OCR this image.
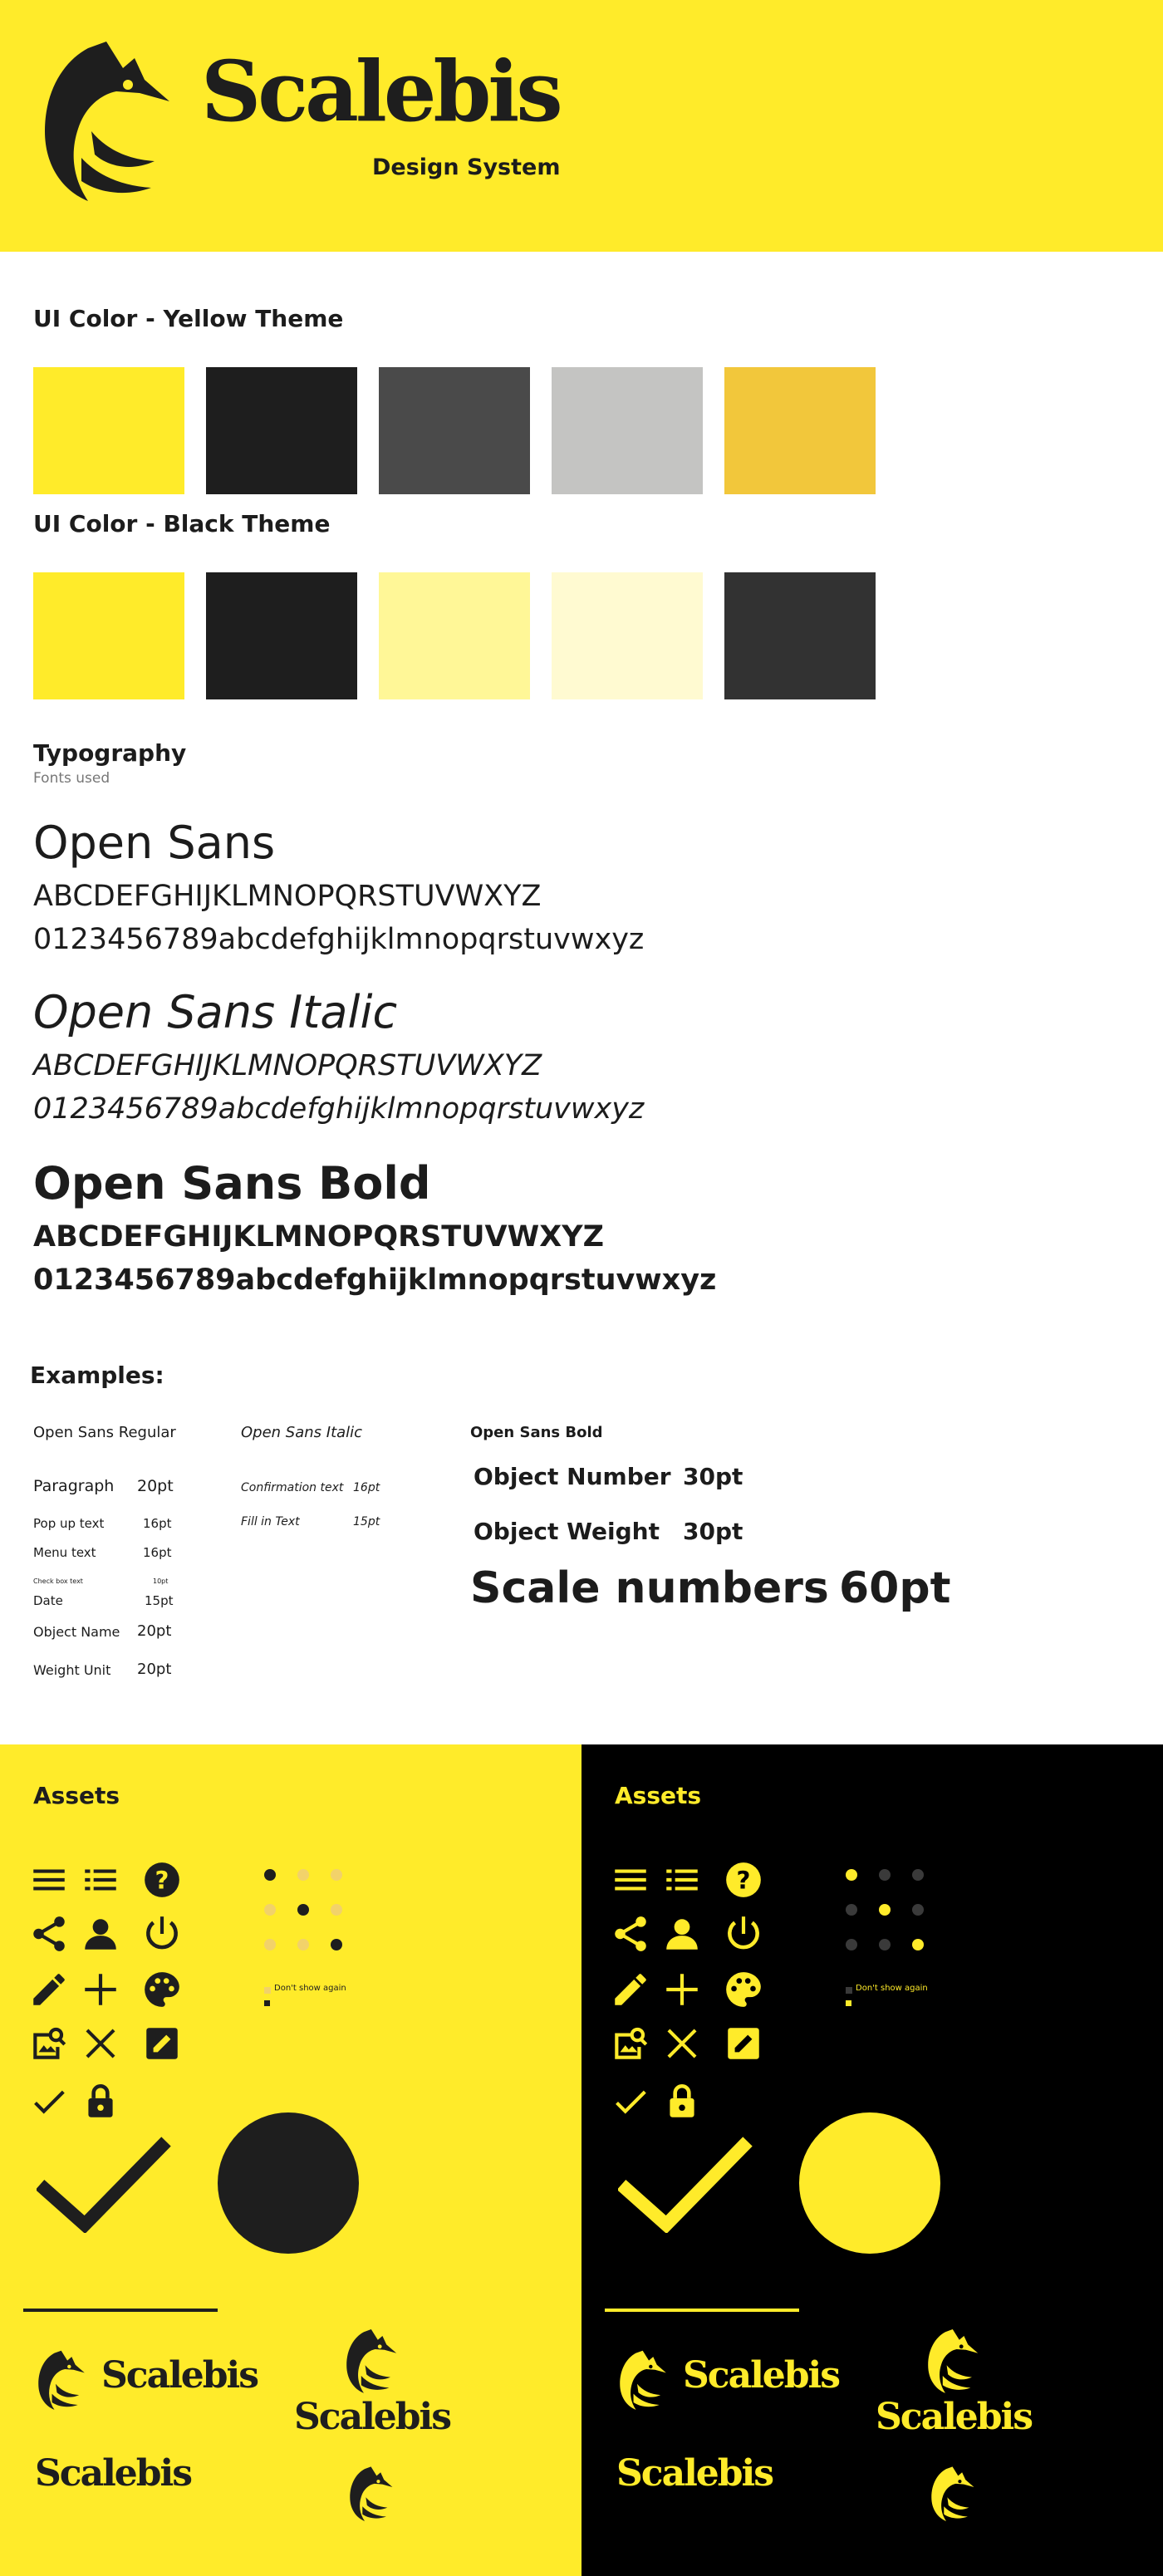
Scalebis
Design System
UI Color - Yellow Theme
UI Color - Black Theme
Typography
Fonts used
Open Sans
ABCDEFGHIJKLMNOPQRSTUVWXYZ
0123456789abcdefghijklmnopqrstuvwxyz
Open Sans Italic
ABCDEFGHIJKLMNOPQRSTUVWXYZ
0123456789abcdefghijklmnopqrstuvwxyz
Open Sans Bold
ABCDEFGHIJKLMNOPQRSTUVWXYZ
0123456789abcdefghijklmnopqrstuvwxyz
Examples:
Open Sans Regular
Paragraph 20pt
Pop up text	16pt
Menu text	16pt
Check box text	10pt
Date	15pt
Object Name 20pt
Weight Unit 20pt
Open Sans Italic
Confirmation text 16pt
Fill in Text	15pt
Open Sans Bold
Object Number 30pt
Object Weight 30pt
Scale numbers 60pt
Assets
?
Don't show again
Scalebis
Scalebis
Scalebis
Assets
?
Don't show again
Scalebis
Scalebis
Scalebis
